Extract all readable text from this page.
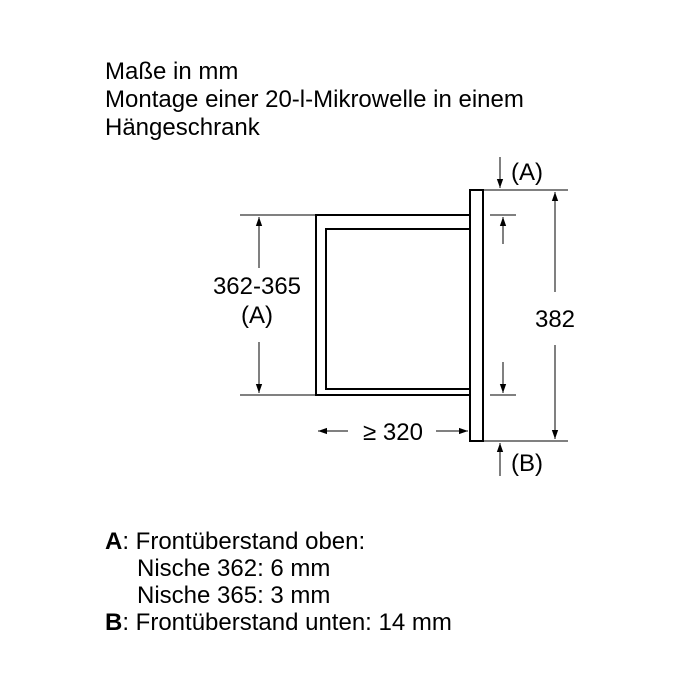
Maße in mm
Montage einer 20-l-Mikrowelle in einem
Hängeschrank
(A)
(B)
362-365
(A)
≥ 320
382
A: Frontüberstand oben:
Nische 362: 6 mm
Nische 365: 3 mm
B: Frontüberstand unten: 14 mm
